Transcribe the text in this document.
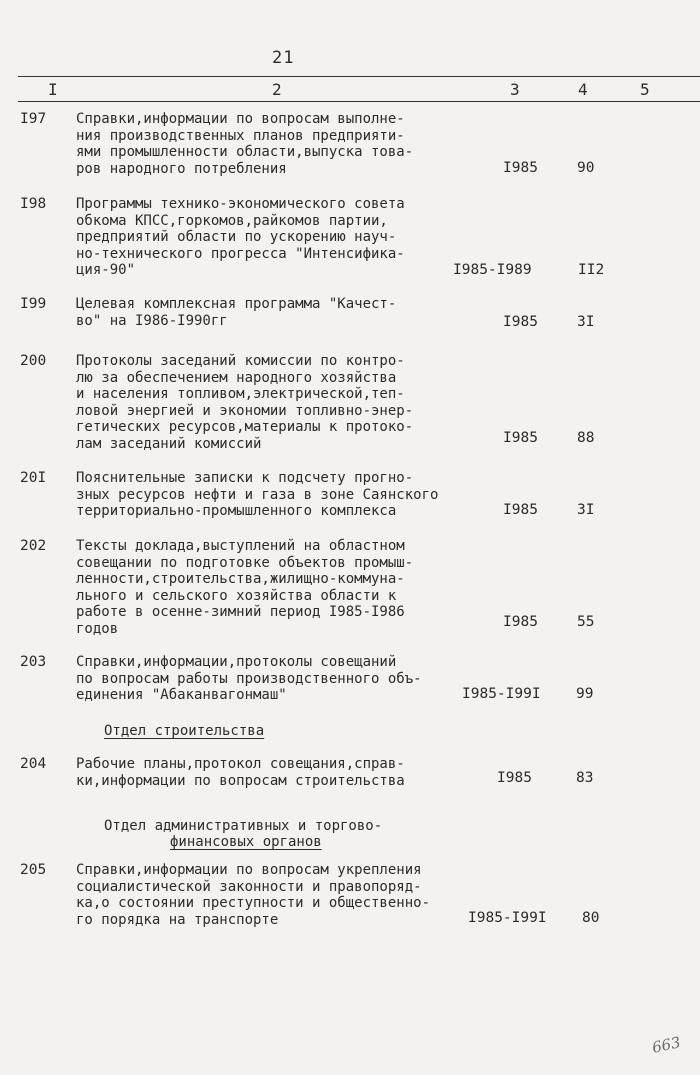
21
I	2	3	4	5
I97 Справки,информации по вопросам выполне-
ния производственных планов предприяти-
ями промышленности области,выпуска това-
ров народного потребления	I985	90
I98 Программы технико-экономического совета
обкома КПСС,горкомов,райкомов партии,
предприятий области по ускорению науч-
но-технического прогресса "Интенсифика-
ция-90"	I985-I989	II2
I99 Целевая комплексная программа "Качест-
во" на I986-I990гг	I985	3I
200 Протоколы заседаний комиссии по контро-
лю за обеспечением народного хозяйства
и населения топливом,электрической,теп-
ловой энергией и экономии топливно-энер-
гетических ресурсов,материалы к протоко-
лам заседаний комиссий	I985	88
20I Пояснительные записки к подсчету прогно-
зных ресурсов нефти и газа в зоне Саянского
территориально-промышленного комплекса	I985	3I
202 Тексты доклада,выступлений на областном
совещании по подготовке объектов промыш-
ленности,строительства,жилищно-коммуна-
льного и сельского хозяйства области к
работе в осенне-зимний период I985-I986
годов	I985	55
203 Справки,информации,протоколы совещаний
по вопросам работы производственного объ-
единения "Абаканвагонмаш"	I985-I99I 99
Отдел строительства
204 Рабочие планы,протокол совещания,справ-
ки,информации по вопросам строительства	I985	83
Отдел административных и торгово-
финансовых органов
205 Справки,информации по вопросам укрепления
социалистической законности и правопоряд-
ка,о состоянии преступности и общественно-
го порядка на транспорте	I985-I99I 80
663
